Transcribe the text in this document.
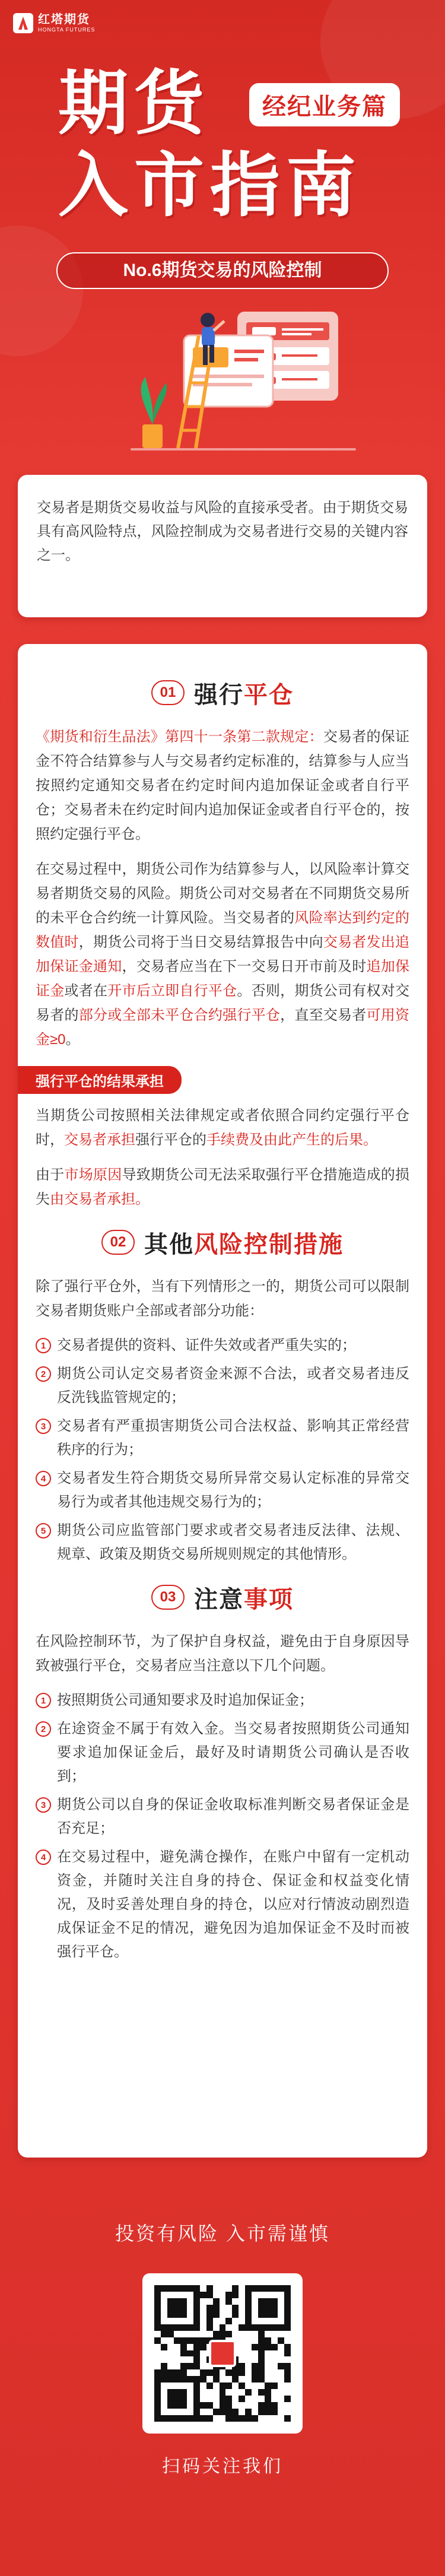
红塔期货
HONGTA FUTURES
期货	经纪业务篇
入市指南
No.6期货交易的风险控制

交易者是期货交易收益与风险的直接承受者。由于期货交易具有高风险特点，风险控制成为交易者进行交易的关键内容之一。

01 强行平仓

《期货和衍生品法》第四十一条第二款规定：交易者的保证金不符合结算参与人与交易者约定标准的，结算参与人应当按照约定通知交易者在约定时间内追加保证金或者自行平仓；交易者未在约定时间内追加保证金或者自行平仓的，按照约定强行平仓。

在交易过程中，期货公司作为结算参与人，以风险率计算交易者期货交易的风险。期货公司对交易者在不同期货交易所的未平仓合约统一计算风险。当交易者的风险率达到约定的数值时，期货公司将于当日交易结算报告中向交易者发出追加保证金通知，交易者应当在下一交易日开市前及时追加保证金或者在开市后立即自行平仓。否则，期货公司有权对交易者的部分或全部未平仓合约强行平仓，直至交易者可用资金≥0。

强行平仓的结果承担

当期货公司按照相关法律规定或者依照合同约定强行平仓时，交易者承担强行平仓的手续费及由此产生的后果。

由于市场原因导致期货公司无法采取强行平仓措施造成的损失由交易者承担。

02 其他风险控制措施

除了强行平仓外，当有下列情形之一的，期货公司可以限制交易者期货账户全部或者部分功能：

1 交易者提供的资料、证件失效或者严重失实的；
2 期货公司认定交易者资金来源不合法，或者交易者违反反洗钱监管规定的；
3 交易者有严重损害期货公司合法权益、影响其正常经营秩序的行为；
4 交易者发生符合期货交易所异常交易认定标准的异常交易行为或者其他违规交易行为的；
5 期货公司应监管部门要求或者交易者违反法律、法规、规章、政策及期货交易所规则规定的其他情形。
03 注意事项

在风险控制环节，为了保护自身权益，避免由于自身原因导致被强行平仓，交易者应当注意以下几个问题。

1 按照期货公司通知要求及时追加保证金；
2 在途资金不属于有效入金。当交易者按照期货公司通知要求追加保证金后，最好及时请期货公司确认是否收到；
3 期货公司以自身的保证金收取标准判断交易者保证金是否充足；
4 在交易过程中，避免满仓操作，在账户中留有一定机动资金，并随时关注自身的持仓、保证金和权益变化情况，及时妥善处理自身的持仓，以应对行情波动剧烈造成保证金不足的情况，避免因为追加保证金不及时而被强行平仓。
投资有风险 入市需谨慎
扫码关注我们
